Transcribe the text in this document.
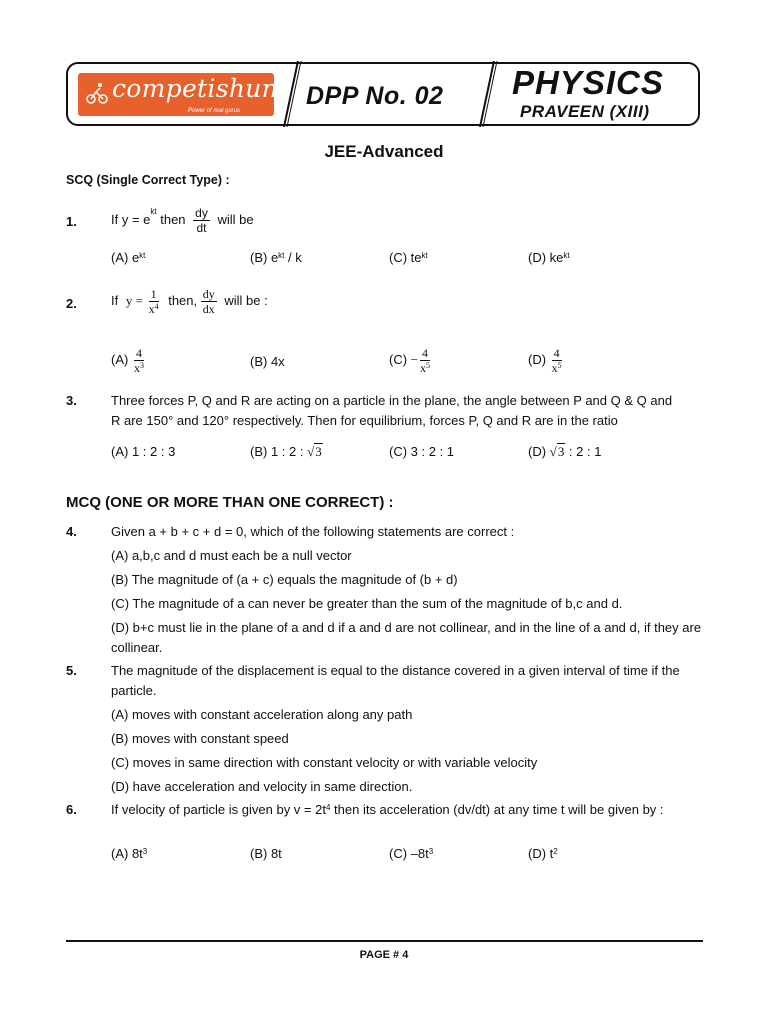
competishun
Power of real gurus
DPP No. 02 PHYSICS
PRAVEEN (XIII)
JEE-Advanced
SCQ (Single Correct Type) :
1.	If $y = e^{kt}$ then $\frac{dy}{dt}$ will be
(A) $e^{kt}$	(B) $e^{kt}$ / k	(C) $te^{kt}$	(D) $ke^{kt}$
2.	If $y = \frac{1}{x^4}$ then, $\frac{dy}{dx}$ will be :
$(A) \frac{4}{x^3}$	(B) 4x	$(C) - \frac{4}{x^5}$	$(D) \frac{4}{x^5}$
3.	Three forces P, Q and R are acting on a particle in the plane, the angle between P and Q & Q and
R are 150° and 120° respectively. Then for equilibrium, forces P, Q and R are in the ratio
(A) 1 : 2 : 3	(B) 1 : 2 : √3	(C) 3 : 2 : 1	(D) √3 : 2 : 1
MCQ (ONE OR MORE THAN ONE CORRECT) :
4.	Given a + b + c + d = 0, which of the following statements are correct :
(A) a,b,c and d must each be a null vector
(B) The magnitude of (a + c) equals the magnitude of (b + d)
(C) The magnitude of a can never be greater than the sum of the magnitude of b,c and d.
(D) b+c must lie in the plane of a and d if a and d are not collinear, and in the line of a and d, if they are collinear.
5.	The magnitude of the displacement is equal to the distance covered in a given interval of time if the particle.
(A) moves with constant acceleration along any path
(B) moves with constant speed
(C) moves in same direction with constant velocity or with variable velocity
(D) have acceleration and velocity in same direction.
6.	If velocity of particle is given by $v = 2t^4$ then its acceleration (dv/dt) at any time t will be given by :
(A) $8t^3$	(B) 8t	(C) $-8t^3$	(D) $t^2$
PAGE # 4
